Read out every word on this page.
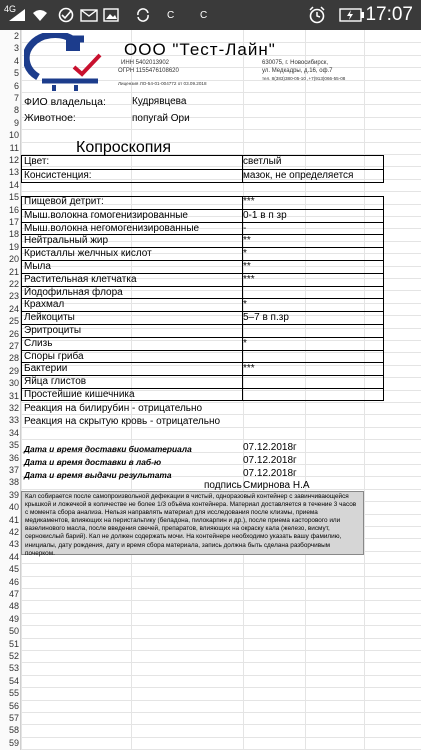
4G
C	C	17:07
2
3
4
5
6
7
8
9
10
11
12
13
14
15
16
17
18
19
20
21
22
23
24
25
26
27
28
29
30
31
32
33
34
35
36
37
38
39
40
41
42
43
44
45
46
47
48
49
50
51
52
53
54
55
56
57
58
59
ООО "Тест-Лайн"
ИНН 5402013902
ОГРН 1155476108620
Лицензия ЛО-54-01-004772 от 03.09.2018
630075, г. Новосибирск,
ул. Медкадры, д.16, оф.7
тел. 8(383)380-05-10 ,+7(913)066-55-08
ФИО владельца:	Кудрявцева
Животное:	попугай Ори
Копроскопия
Цвет:	светлый
Консистенция:	мазок, не определяется
Пищевой детрит:	***
Мыш.волокна гомогенизированные	0-1 в п зр
Мыш.волокна негомогенизированные	-
Нейтральный жир	**
Кристаллы желчных кислот	*
Мыла	**
Растительная клетчатка	***
Йодофильная флора
Крахмал	*
Лейкоциты	5–7 в п.зр
Эритроциты
Слизь	*
Споры гриба
Бактерии	***
Яйца глистов
Простейшие кишечника
Реакция на билирубин - отрицательно
Реакция на скрытую кровь - отрицательно
Дата и время доставки биоматериала	07.12.2018г
Дата и время доставки в лаб-ю	07.12.2018г
Дата и время выдачи результата	07.12.2018г
подпись Смирнова Н.А
Кал собирается после самопроизвольной дефекации в чистый, одноразовый контейнер с завинчивающейся крышкой и ложечкой в количестве не более 1/3 объёма контейнера. Материал доставляется в течение 3 часов с момента сбора анализа. Нельзя направлять материал для исследования после клизмы, приема медикаментов, влияющих на перистальтику (беладона, пилокарпин и др.), после приема касторового или вазелинового масла, после введения свечей, препаратов, влияющих на окраску кала (железо, висмут, сернокислый барий). Кал не должен содержать мочи. На контейнере необходимо указать вашу фамилию, инициалы, дату рождения, дату и время сбора материала, запись должна быть сделана разборчивым почерком.
